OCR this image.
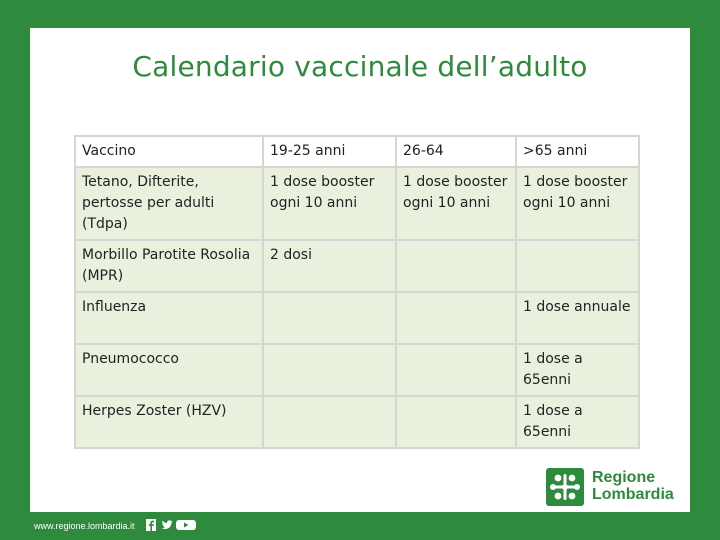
Calendario vaccinale dell’adulto
Vaccino	19-25 anni	26-64	>65 anni
Tetano, Difterite, pertosse per adulti (Tdpa)	1 dose booster ogni 10 anni	1 dose booster ogni 10 anni	1 dose booster ogni 10 anni
Morbillo Parotite Rosolia (MPR)	2 dosi		
Influenza			1 dose annuale
Pneumococco			1 dose a 65enni
Herpes Zoster (HZV)			1 dose a 65enni
Regione
Lombardia
www.regione.lombardia.it
